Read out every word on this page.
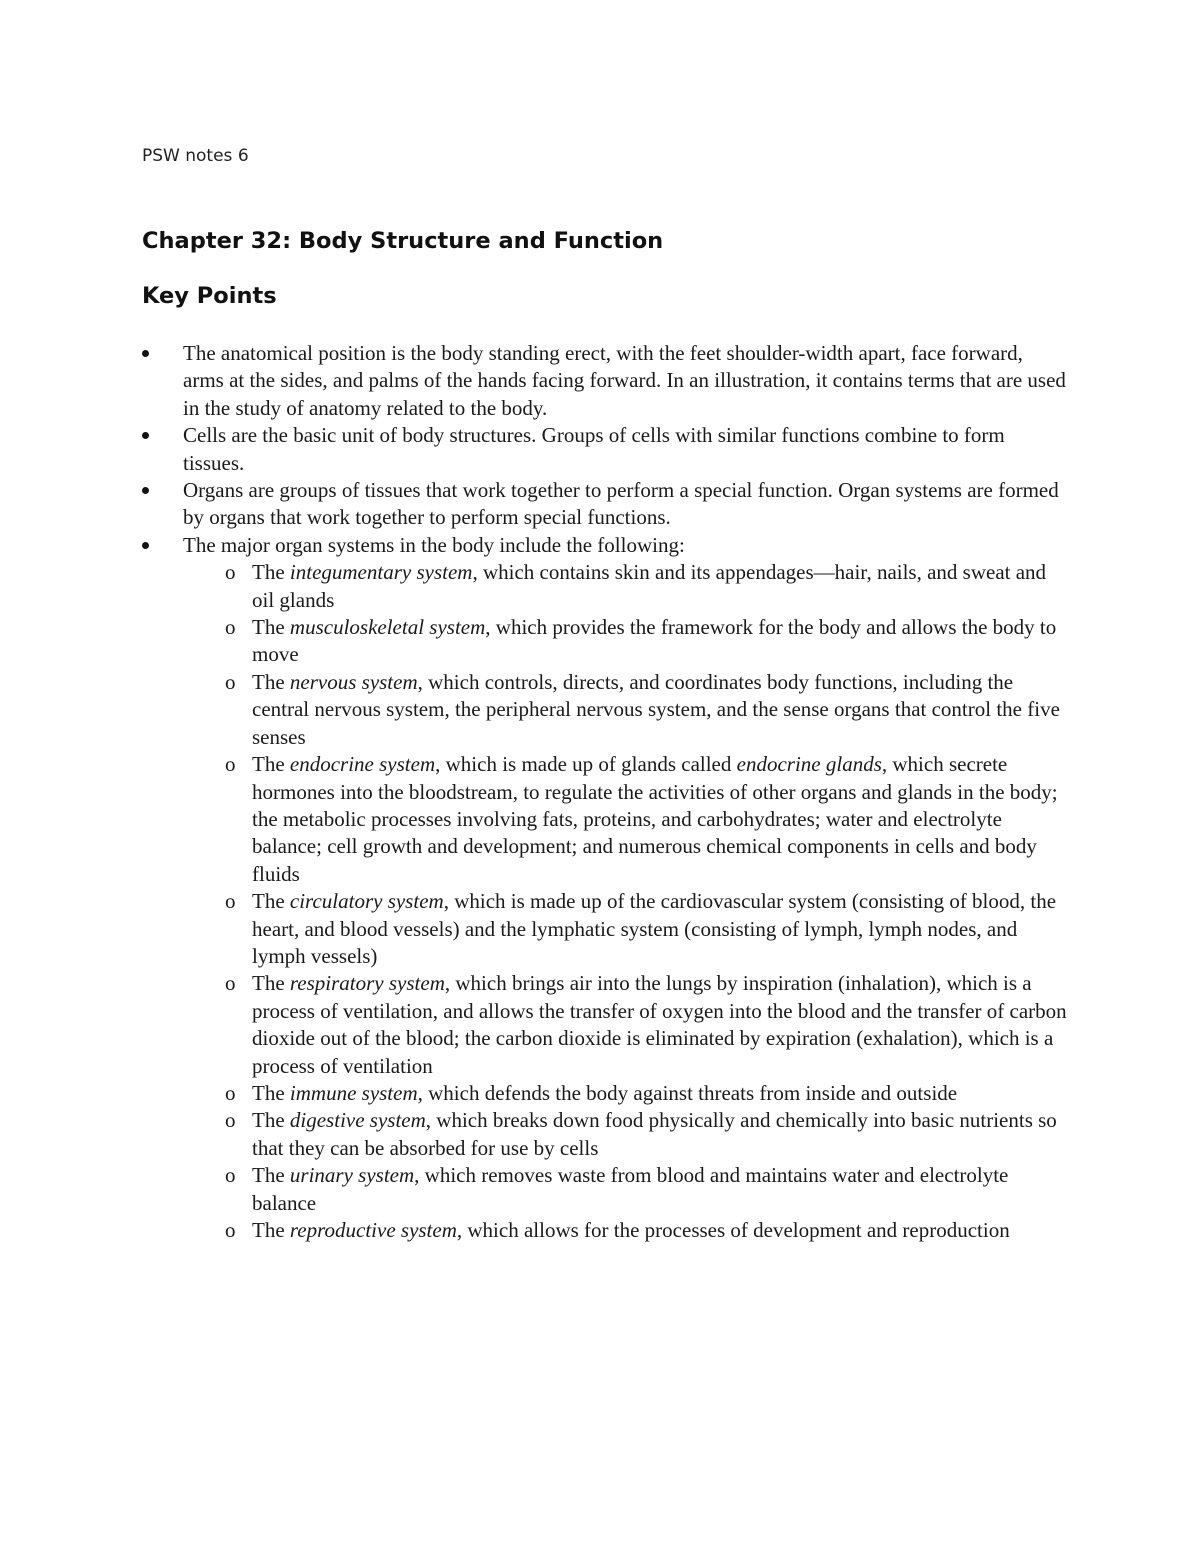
PSW notes 6
Chapter 32: Body Structure and Function
Key Points
The anatomical position is the body standing erect, with the feet shoulder-width apart, face forward, arms at the sides, and palms of the hands facing forward. In an illustration, it contains terms that are used in the study of anatomy related to the body.
Cells are the basic unit of body structures. Groups of cells with similar functions combine to form tissues.
Organs are groups of tissues that work together to perform a special function. Organ systems are formed by organs that work together to perform special functions.
The major organ systems in the body include the following:
o The integumentary system, which contains skin and its appendages—hair, nails, and sweat and oil glands
o The musculoskeletal system, which provides the framework for the body and allows the body to move
o The nervous system, which controls, directs, and coordinates body functions, including the central nervous system, the peripheral nervous system, and the sense organs that control the five senses
o The endocrine system, which is made up of glands called endocrine glands, which secrete hormones into the bloodstream, to regulate the activities of other organs and glands in the body; the metabolic processes involving fats, proteins, and carbohydrates; water and electrolyte balance; cell growth and development; and numerous chemical components in cells and body fluids
o The circulatory system, which is made up of the cardiovascular system (consisting of blood, the heart, and blood vessels) and the lymphatic system (consisting of lymph, lymph nodes, and lymph vessels)
o The respiratory system, which brings air into the lungs by inspiration (inhalation), which is a process of ventilation, and allows the transfer of oxygen into the blood and the transfer of carbon dioxide out of the blood; the carbon dioxide is eliminated by expiration (exhalation), which is a process of ventilation
o The immune system, which defends the body against threats from inside and outside
o The digestive system, which breaks down food physically and chemically into basic nutrients so that they can be absorbed for use by cells
o The urinary system, which removes waste from blood and maintains water and electrolyte balance
o The reproductive system, which allows for the processes of development and reproduction
